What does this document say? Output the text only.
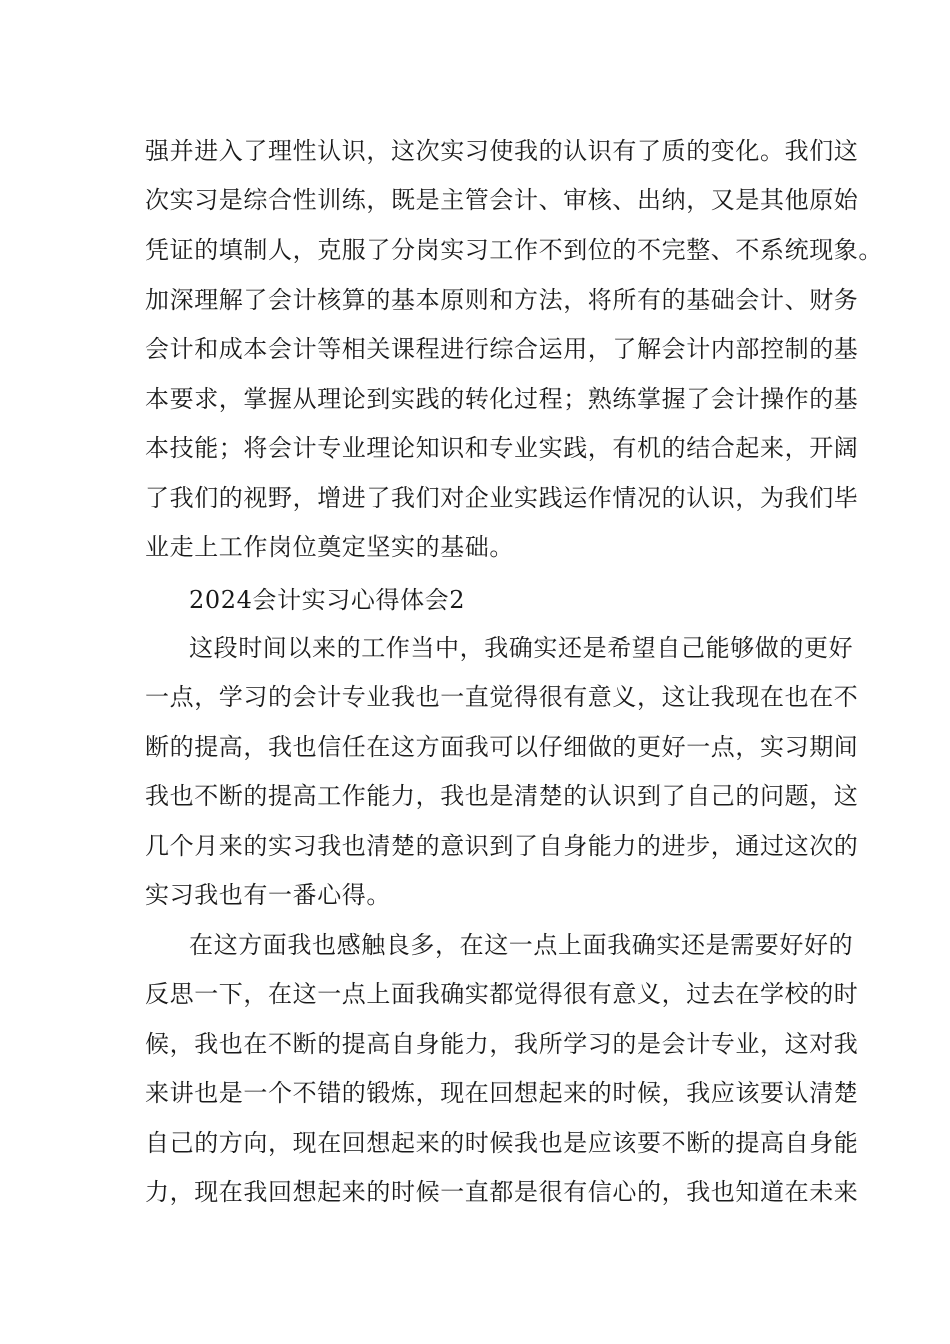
强并进入了理性认识，这次实习使我的认识有了质的变化。我们这
次实习是综合性训练，既是主管会计、审核、出纳，又是其他原始
凭证的填制人，克服了分岗实习工作不到位的不完整、不系统现象。
加深理解了会计核算的基本原则和方法，将所有的基础会计、财务
会计和成本会计等相关课程进行综合运用，了解会计内部控制的基
本要求，掌握从理论到实践的转化过程；熟练掌握了会计操作的基
本技能；将会计专业理论知识和专业实践，有机的结合起来，开阔
了我们的视野，增进了我们对企业实践运作情况的认识，为我们毕
业走上工作岗位奠定坚实的基础。
2024会计实习心得体会2
这段时间以来的工作当中，我确实还是希望自己能够做的更好
一点，学习的会计专业我也一直觉得很有意义，这让我现在也在不
断的提高，我也信任在这方面我可以仔细做的更好一点，实习期间
我也不断的提高工作能力，我也是清楚的认识到了自己的问题，这
几个月来的实习我也清楚的意识到了自身能力的进步，通过这次的
实习我也有一番心得。
在这方面我也感触良多，在这一点上面我确实还是需要好好的
反思一下，在这一点上面我确实都觉得很有意义，过去在学校的时
候，我也在不断的提高自身能力，我所学习的是会计专业，这对我
来讲也是一个不错的锻炼，现在回想起来的时候，我应该要认清楚
自己的方向，现在回想起来的时候我也是应该要不断的提高自身能
力，现在我回想起来的时候一直都是很有信心的，我也知道在未来
